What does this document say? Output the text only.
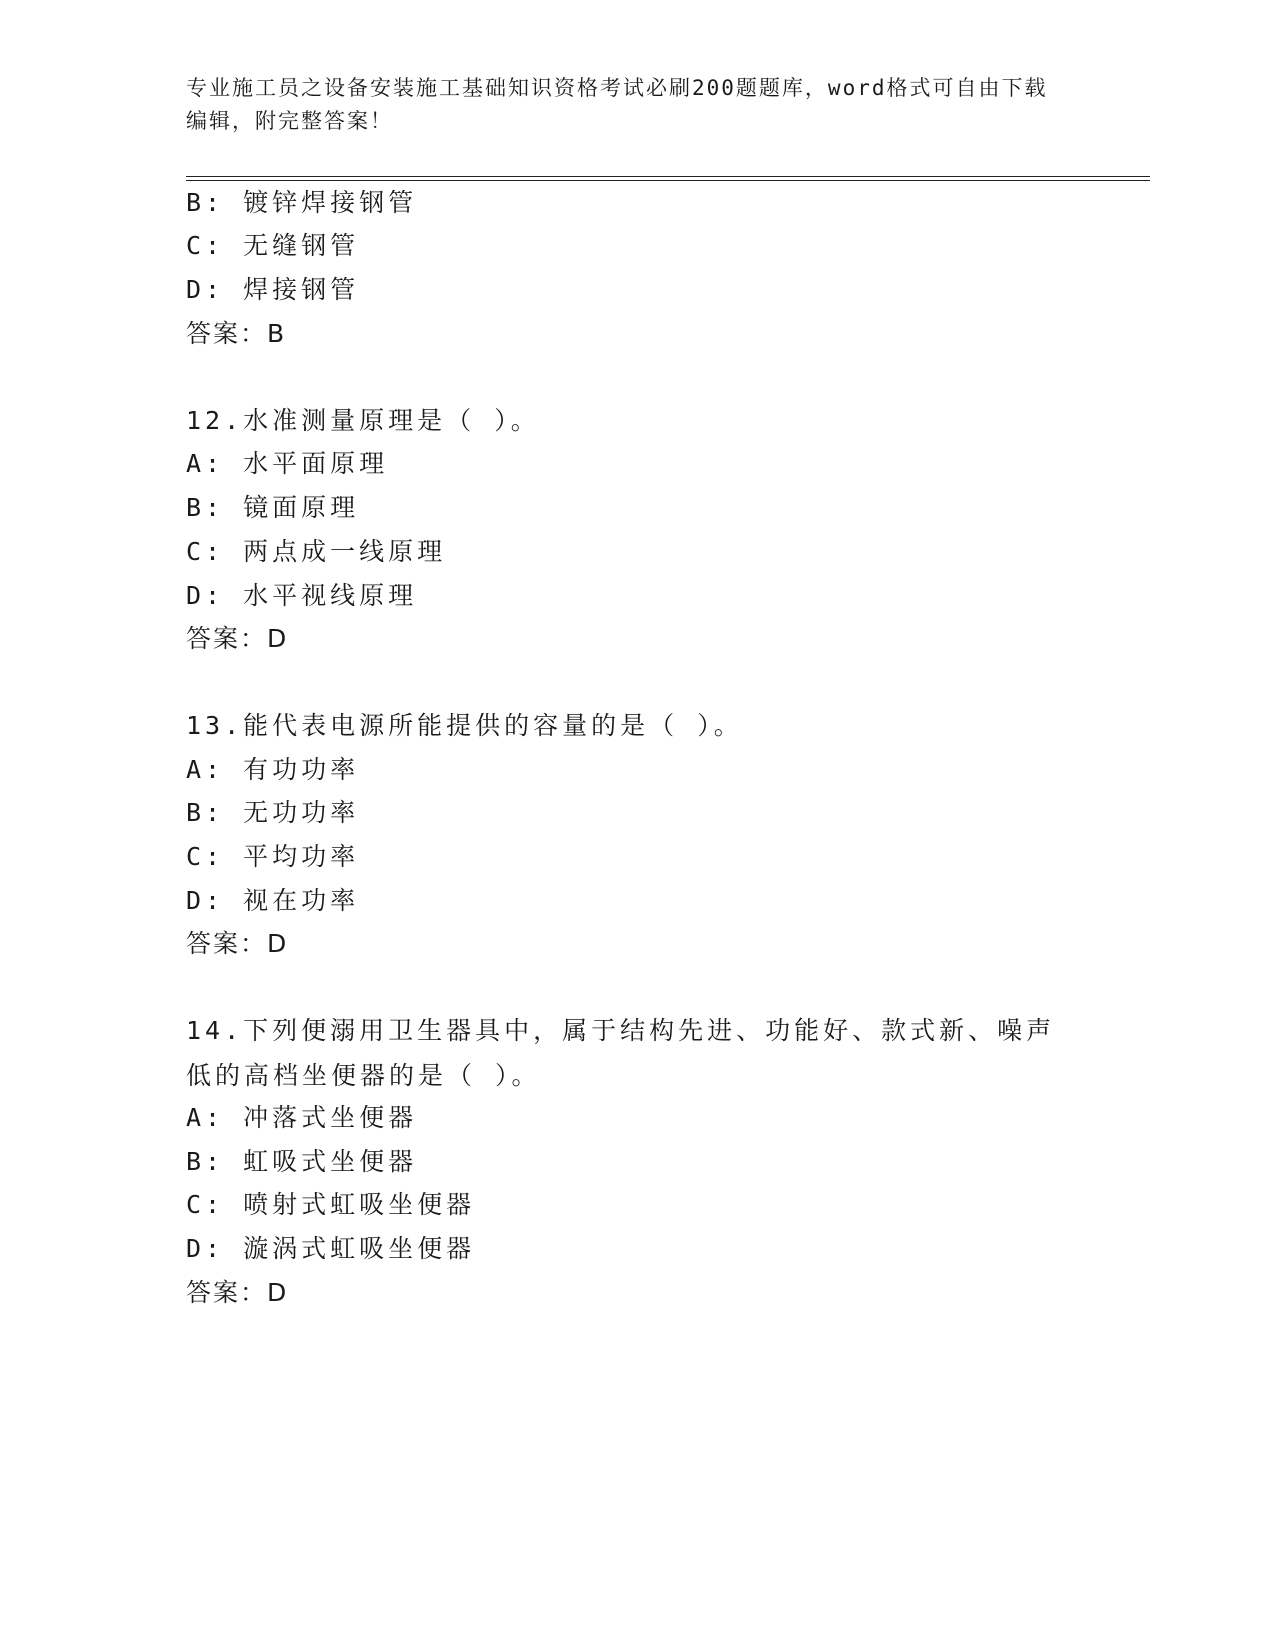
专业施工员之设备安装施工基础知识资格考试必刷200题题库，word格式可自由下载编辑，附完整答案！
B: 镀锌焊接钢管
C: 无缝钢管
D: 焊接钢管
答案：B
12.水准测量原理是（ ）。
A: 水平面原理
B: 镜面原理
C: 两点成一线原理
D: 水平视线原理
答案：D
13.能代表电源所能提供的容量的是（ ）。
A: 有功功率
B: 无功功率
C: 平均功率
D: 视在功率
答案：D
14.下列便溺用卫生器具中，属于结构先进、功能好、款式新、噪声低的高档坐便器的是（ ）。
A: 冲落式坐便器
B: 虹吸式坐便器
C: 喷射式虹吸坐便器
D: 漩涡式虹吸坐便器
答案：D
